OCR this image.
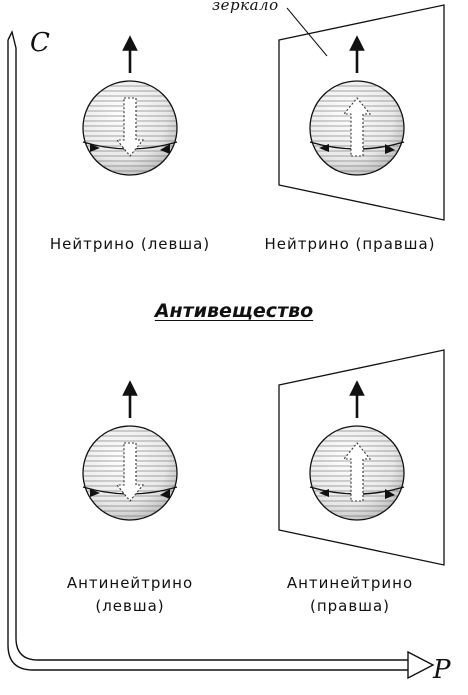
C
P
зеркало
Нейтрино (левша)	Нейтрино (правша)
Антивещество
Антинейтрино
(левша)
Антинейтрино
(правша)
